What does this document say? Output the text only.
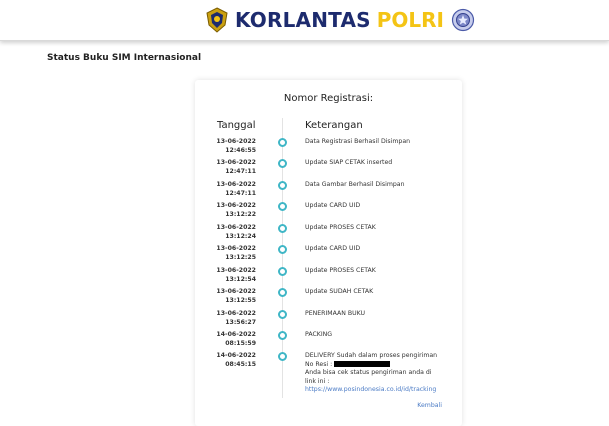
KORLANTAS POLRI
Status Buku SIM Internasional
Nomor Registrasi:
Tanggal	Keterangan
13-06-2022
12:46:55
Data Registrasi Berhasil Disimpan
13-06-2022
12:47:11
Update SIAP CETAK inserted
13-06-2022
12:47:11
Data Gambar Berhasil Disimpan
13-06-2022
13:12:22
Update CARD UID
13-06-2022
13:12:24
Update PROSES CETAK
13-06-2022
13:12:25
Update CARD UID
13-06-2022
13:12:54
Update PROSES CETAK
13-06-2022
13:12:55
Update SUDAH CETAK
13-06-2022
13:56:27
PENERIMAAN BUKU
14-06-2022
08:15:59
PACKING
14-06-2022
08:45:15
DELIVERY Sudah dalam proses pengiriman
No Resi :
Anda bisa cek status pengiriman anda di
link ini :
https://www.posindonesia.co.id/id/tracking
Kembali
